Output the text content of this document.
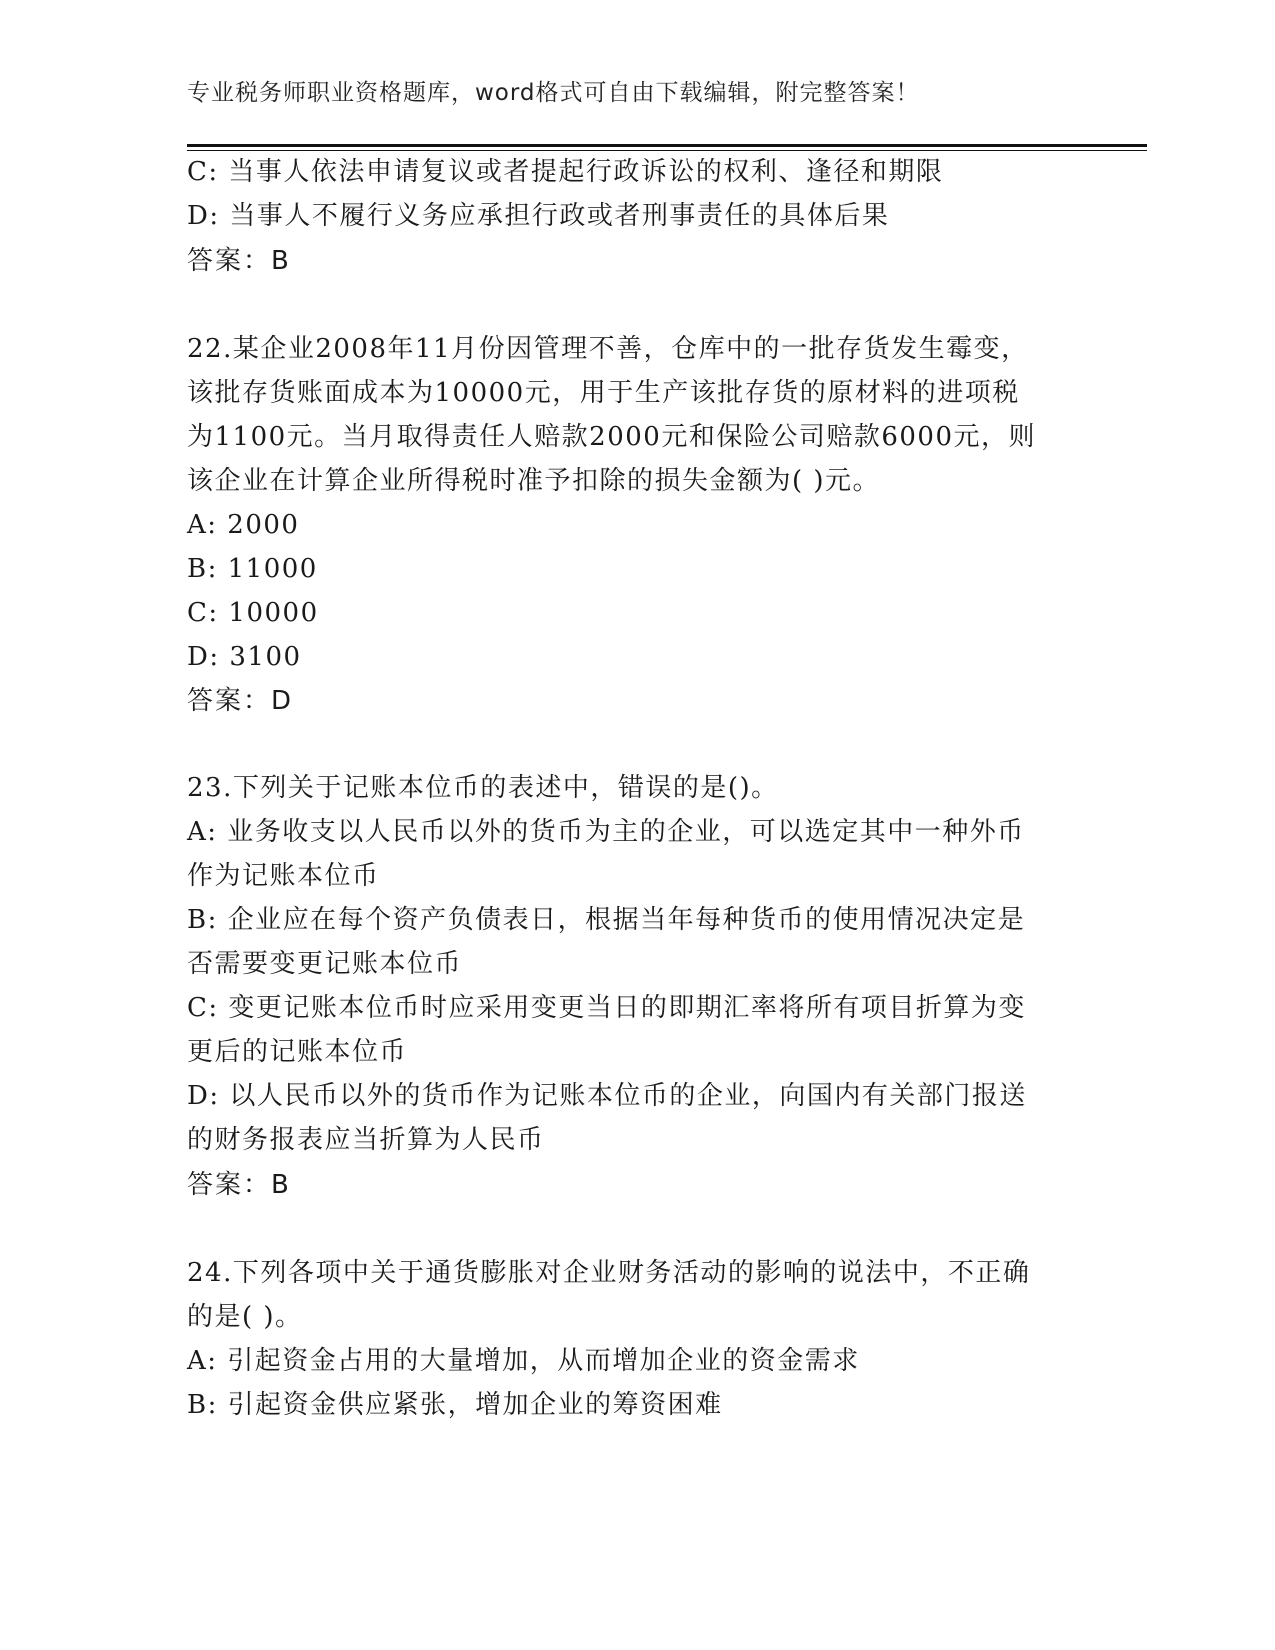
专业税务师职业资格题库，word格式可自由下载编辑，附完整答案！
C: 当事人依法申请复议或者提起行政诉讼的权利、逢径和期限
D: 当事人不履行义务应承担行政或者刑事责任的具体后果
答案：B
22.某企业2008年11月份因管理不善，仓库中的一批存货发生霉变，
该批存货账面成本为10000元，用于生产该批存货的原材料的进项税
为1100元。当月取得责任人赔款2000元和保险公司赔款6000元，则
该企业在计算企业所得税时准予扣除的损失金额为( )元。
A: 2000
B: 11000
C: 10000
D: 3100
答案：D
23.下列关于记账本位币的表述中，错误的是()。
A: 业务收支以人民币以外的货币为主的企业，可以选定其中一种外币
作为记账本位币
B: 企业应在每个资产负债表日，根据当年每种货币的使用情况决定是
否需要变更记账本位币
C: 变更记账本位币时应采用变更当日的即期汇率将所有项目折算为变
更后的记账本位币
D: 以人民币以外的货币作为记账本位币的企业，向国内有关部门报送
的财务报表应当折算为人民币
答案：B
24.下列各项中关于通货膨胀对企业财务活动的影响的说法中，不正确
的是( )。
A: 引起资金占用的大量增加，从而增加企业的资金需求
B: 引起资金供应紧张，增加企业的筹资困难
